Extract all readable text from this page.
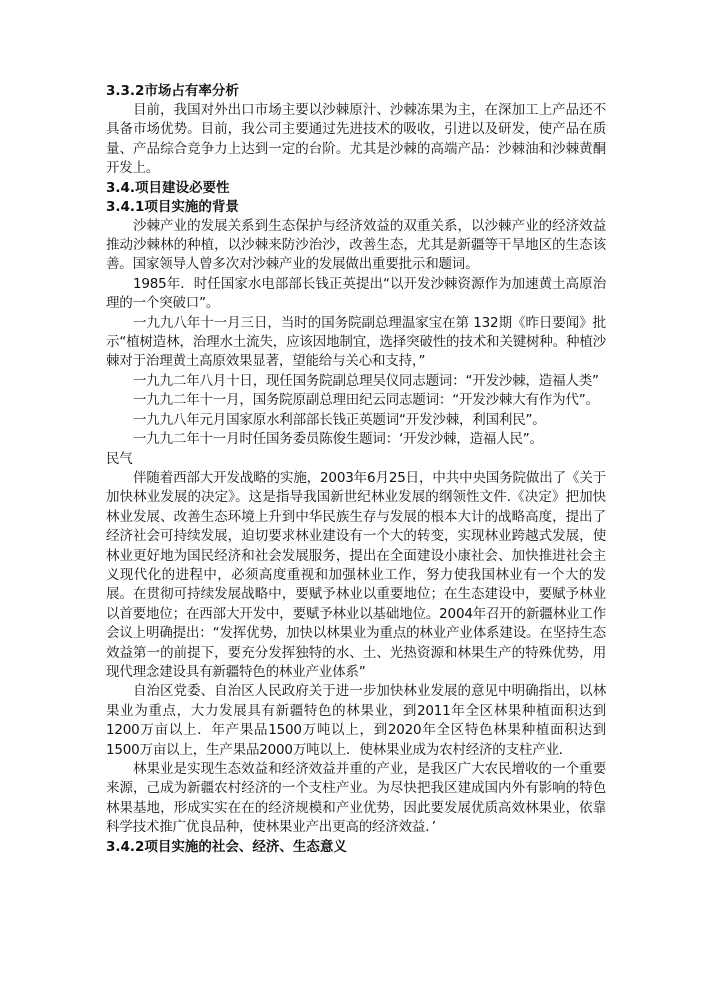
3.3.2市场占有率分析

目前，我国对外出口市场主要以沙棘原汁、沙棘冻果为主，在深加工上产品还不具备市场优势。目前，我公司主要通过先进技术的吸收，引进以及研发，使产品在质量、产品综合竞争力上达到一定的台阶。尤其是沙棘的高端产品：沙棘油和沙棘黄酮开发上。

3.4.项目建设必要性
3.4.1项目实施的背景

沙棘产业的发展关系到生态保护与经济效益的双重关系，以沙棘产业的经济效益推动沙棘林的种植，以沙棘来防沙治沙，改善生态，尤其是新疆等干旱地区的生态该善。国家领导人曾多次对沙棘产业的发展做出重要批示和题词。

1985年．时任国家水电部部长钱正英提出“以开发沙棘资源作为加速黄土高原治理的一个突破口”。

一九九八年十一月三日，当时的国务院副总理温家宝在第 132期《昨日要闻》批示“植树造林，治理水土流失，应该因地制宜，选择突破性的技术和关键树种。种植沙棘对于治理黄土高原效果显著，望能给与关心和支持，”

一九九二年八月十日，现任国务院副总理吴仪同志题词：“开发沙棘，造福人类”

一九九二年十一月，国务院原副总理田纪云同志题词：“开发沙棘大有作为代”。

一九九八年元月国家原水利部部长钱正英题词“开发沙棘，利国利民”。

一九九二年十一月时任国务委员陈俊生题词：‘开发沙棘，造福人民”。

民气

伴随着西部大开发战略的实施，2003年6月25日，中共中央国务院做出了《关于加快林业发展的决定》。这是指导我国新世纪林业发展的纲领性文件.《决定》把加快林业发展、改善生态环境上升到中华民族生存与发展的根本大计的战略高度，提出了经济社会可持续发展，迫切要求林业建设有一个大的转变，实现林业跨越式发展，使林业更好地为国民经济和社会发展服务，提出在全面建设小康社会、加快推进社会主义现代化的进程中，必须高度重视和加强林业工作，努力使我国林业有一个大的发展。在贯彻可持续发展战略中，要赋予林业以重要地位；在生态建设中，要赋予林业以首要地位；在西部大开发中，要赋予林业以基础地位。2004年召开的新疆林业工作会议上明确提出：“发挥优势，加快以林果业为重点的林业产业体系建设。在坚持生态效益第一的前提下，要充分发挥独特的水、土、光热资源和林果生产的特殊优势，用现代理念建设具有新疆特色的林业产业体系”

自治区党委、自治区人民政府关于进一步加快林业发展的意见中明确指出，以林果业为重点，大力发展具有新疆特色的林果业，到2011年全区林果种植面积达到1200万亩以上．年产果品1500万吨以上，到2020年全区特色林果种植面积达到1500万亩以上，生产果品2000万吨以上．使林果业成为农村经济的支柱产业．

林果业是实现生态效益和经济效益并重的产业，是我区广大农民增收的一个重要来源，己成为新疆农村经济的一个支柱产业。为尽快把我区建成国内外有影响的特色林果基地，形成实实在在的经济规模和产业优势，因此要发展优质高效林果业，依靠科学技术推广优良品种，使林果业产出更高的经济效益．’

3.4.2项目实施的社会、经济、生态意义
